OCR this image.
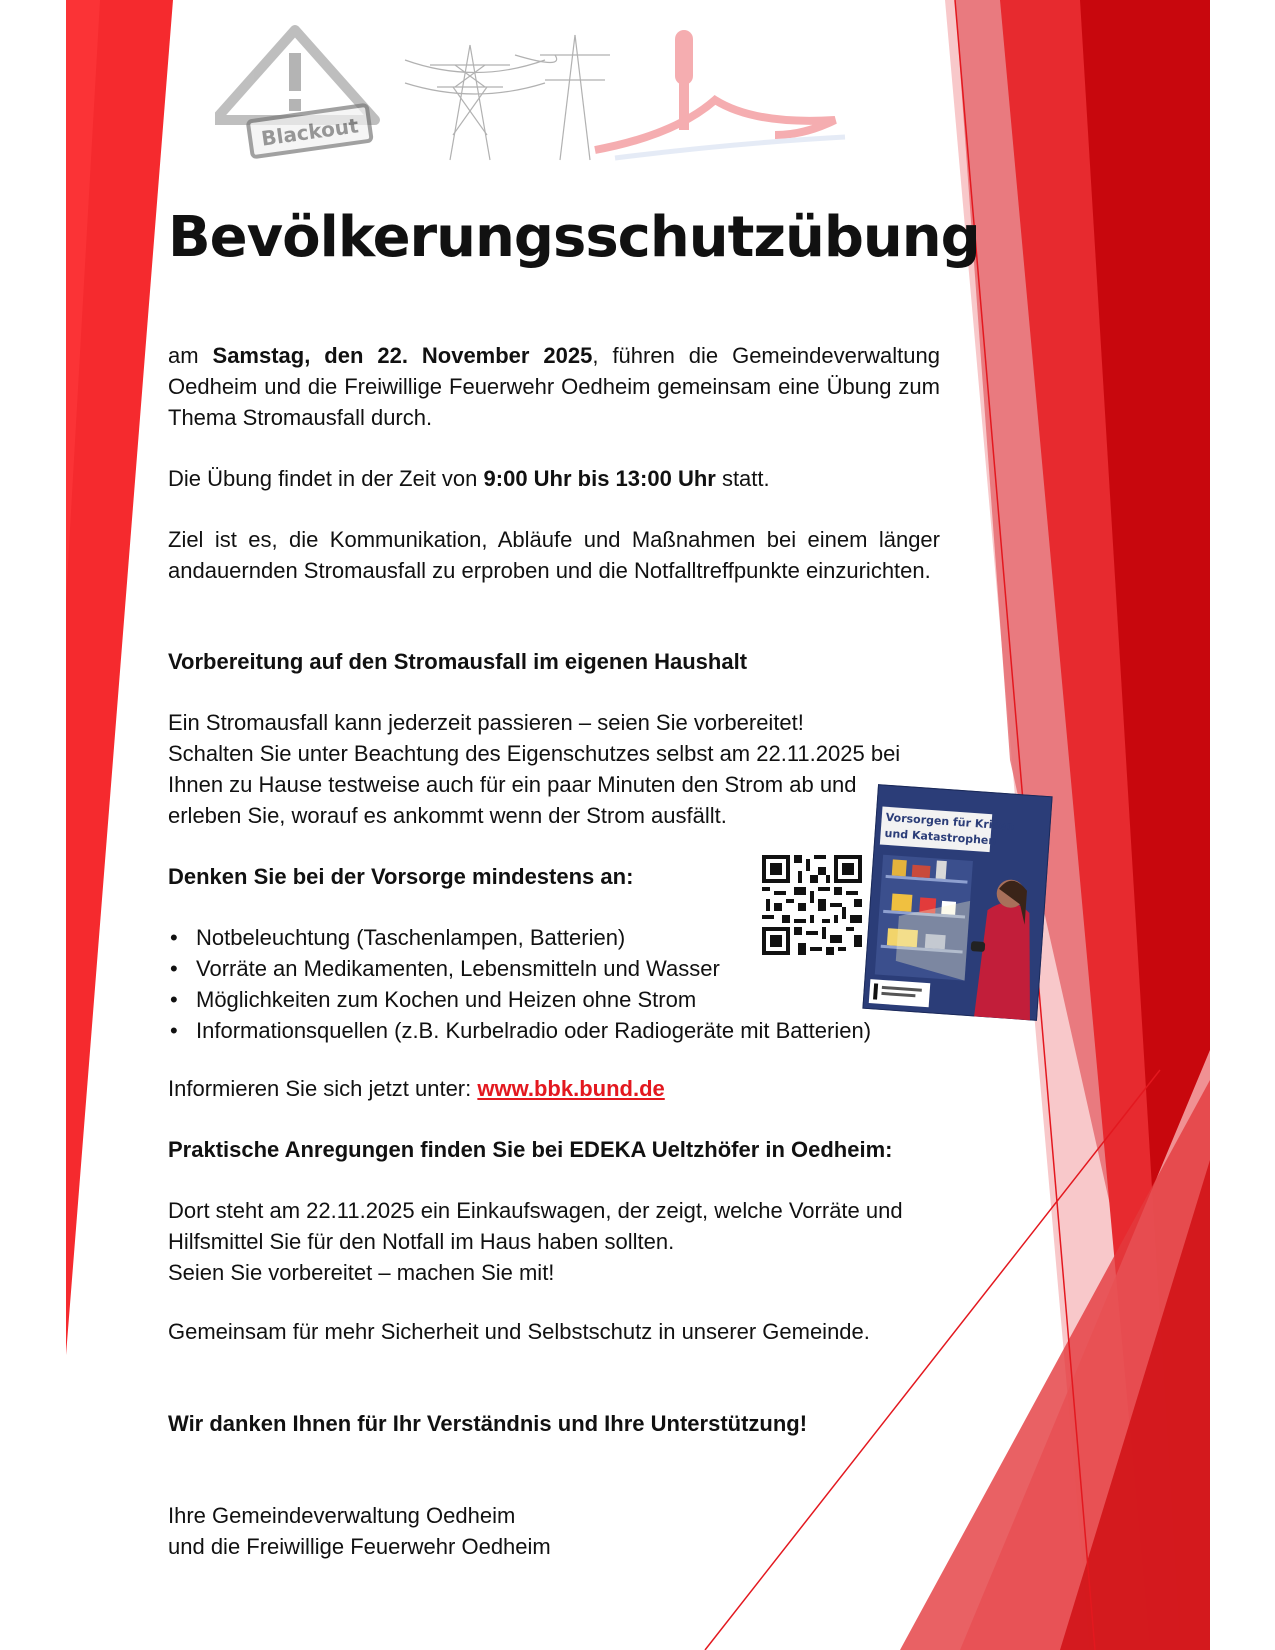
Blackout
Bevölkerungsschutzübung

am Samstag, den 22. November 2025, führen die Gemeindeverwaltung Oedheim und die Freiwillige Feuerwehr Oedheim gemeinsam eine Übung zum Thema Stromausfall durch.

Die Übung findet in der Zeit von 9:00 Uhr bis 13:00 Uhr statt.

Ziel ist es, die Kommunikation, Abläufe und Maßnahmen bei einem länger andauernden Stromausfall zu erproben und die Notfalltreffpunkte einzurichten.

Vorbereitung auf den Stromausfall im eigenen Haushalt

Ein Stromausfall kann jederzeit passieren – seien Sie vorbereitet!

Schalten Sie unter Beachtung des Eigenschutzes selbst am 22.11.2025 bei

Ihnen zu Hause testweise auch für ein paar Minuten den Strom ab und

erleben Sie, worauf es ankommt wenn der Strom ausfällt.

Denken Sie bei der Vorsorge mindestens an:

• Notbeleuchtung (Taschenlampen, Batterien)
• Vorräte an Medikamenten, Lebensmitteln und Wasser
• Möglichkeiten zum Kochen und Heizen ohne Strom
• Informationsquellen (z.B. Kurbelradio oder Radiogeräte mit Batterien)

Informieren Sie sich jetzt unter: www.bbk.bund.de

Praktische Anregungen finden Sie bei EDEKA Ueltzhöfer in Oedheim:

Dort steht am 22.11.2025 ein Einkaufswagen, der zeigt, welche Vorräte und

Hilfsmittel Sie für den Notfall im Haus haben sollten.

Seien Sie vorbereitet – machen Sie mit!

Gemeinsam für mehr Sicherheit und Selbstschutz in unserer Gemeinde.

Wir danken Ihnen für Ihr Verständnis und Ihre Unterstützung!

Ihre Gemeindeverwaltung Oedheim

und die Freiwillige Feuerwehr Oedheim

Vorsorgen für Krisen und Katastrophen
